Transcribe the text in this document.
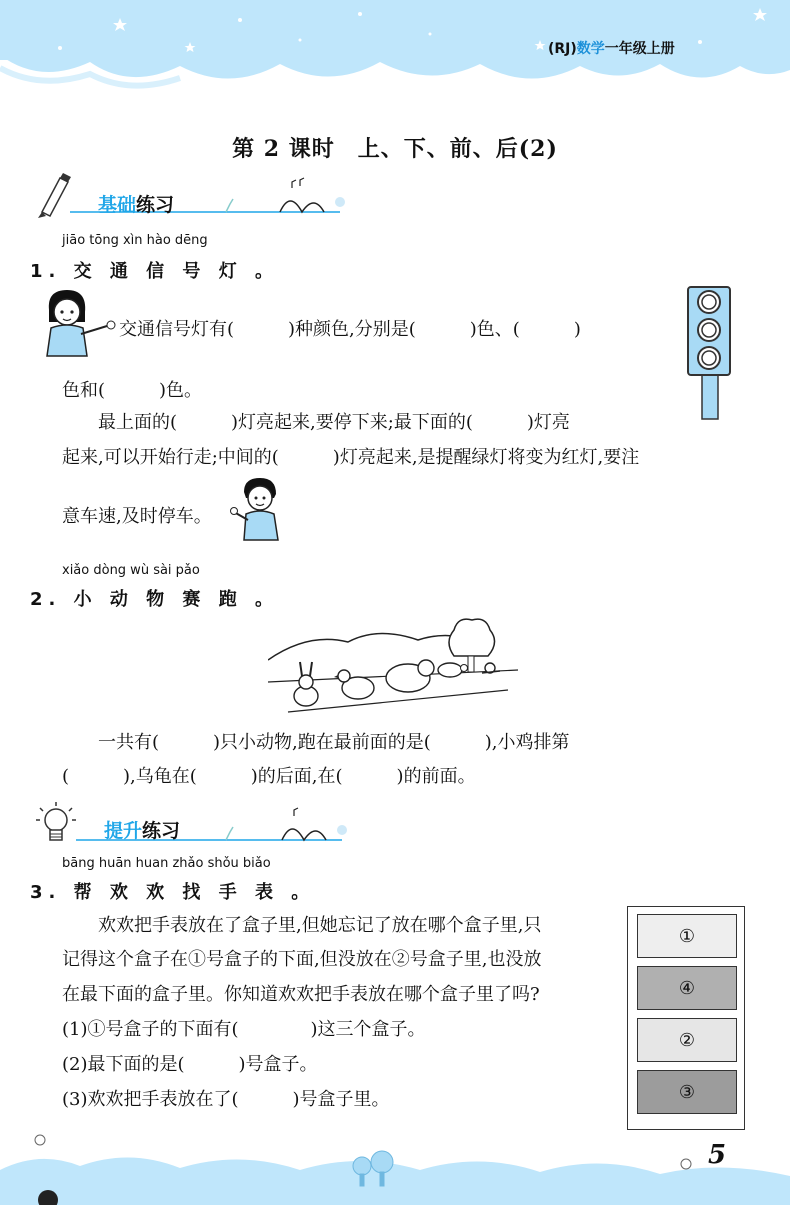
(RJ)数学一年级上册
第 2 课时　上、下、前、后(2)
基础练习
jiāo tōng xìn hào dēng
1. 交 通 信 号 灯 。
交通信号灯有(　　　)种颜色,分别是(　　　)色、(　　　)
色和(　　　)色。
最上面的(　　　)灯亮起来,要停下来;最下面的(　　　)灯亮
起来,可以开始行走;中间的(　　　)灯亮起来,是提醒绿灯将变为红灯,要注
意车速,及时停车。
xiǎo dòng wù sài pǎo
2. 小 动 物 赛 跑 。
一共有(　　　)只小动物,跑在最前面的是(　　　),小鸡排第
(　　　),乌龟在(　　　)的后面,在(　　　)的前面。
提升练习
bāng huān huan zhǎo shǒu biǎo
3. 帮 欢 欢 找 手 表 。
欢欢把手表放在了盒子里,但她忘记了放在哪个盒子里,只
记得这个盒子在①号盒子的下面,但没放在②号盒子里,也没放
在最下面的盒子里。你知道欢欢把手表放在哪个盒子里了吗?
(1)①号盒子的下面有(　　　　)这三个盒子。
(2)最下面的是(　　　)号盒子。
(3)欢欢把手表放在了(　　　)号盒子里。
①
④
②
③
5
